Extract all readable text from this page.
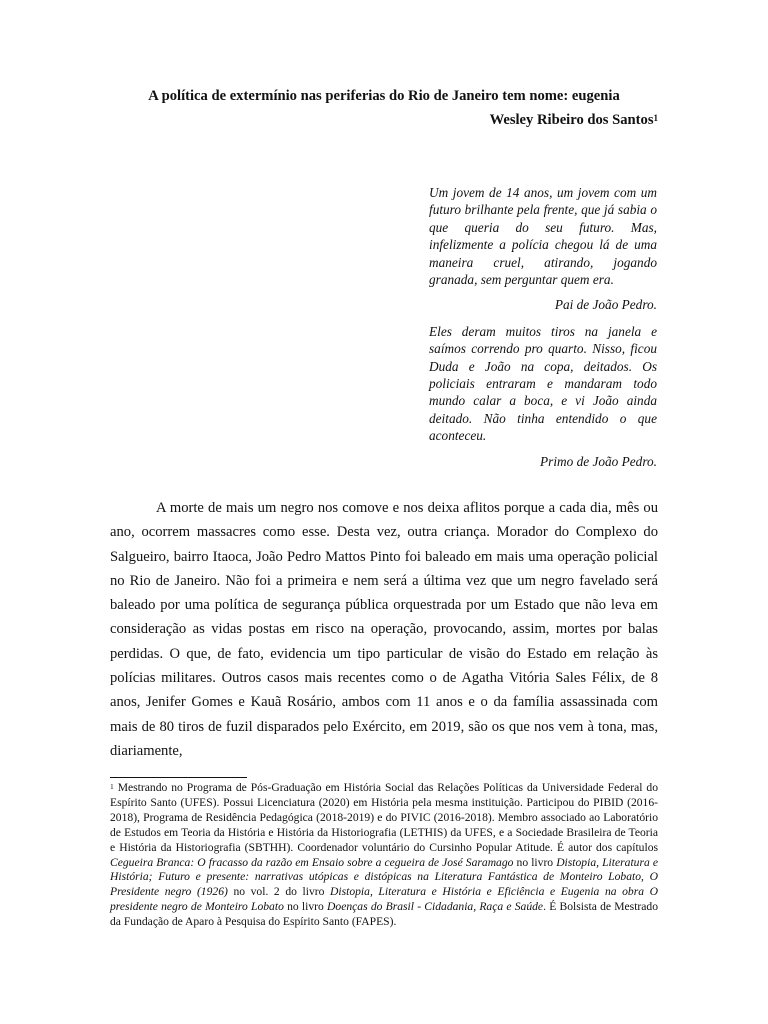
A política de extermínio nas periferias do Rio de Janeiro tem nome: eugenia
Wesley Ribeiro dos Santos$^1$

Um jovem de 14 anos, um jovem com um futuro brilhante pela frente, que já sabia o que queria do seu futuro. Mas, infelizmente a polícia chegou lá de uma maneira cruel, atirando, jogando granada, sem perguntar quem era.

Pai de João Pedro.

Eles deram muitos tiros na janela e saímos correndo pro quarto. Nisso, ficou Duda e João na copa, deitados. Os policiais entraram e mandaram todo mundo calar a boca, e vi João ainda deitado. Não tinha entendido o que aconteceu.

Primo de João Pedro.

A morte de mais um negro nos comove e nos deixa aflitos porque a cada dia, mês ou ano, ocorrem massacres como esse. Desta vez, outra criança. Morador do Complexo do Salgueiro, bairro Itaoca, João Pedro Mattos Pinto foi baleado em mais uma operação policial no Rio de Janeiro. Não foi a primeira e nem será a última vez que um negro favelado será baleado por uma política de segurança pública orquestrada por um Estado que não leva em consideração as vidas postas em risco na operação, provocando, assim, mortes por balas perdidas. O que, de fato, evidencia um tipo particular de visão do Estado em relação às polícias militares. Outros casos mais recentes como o de Agatha Vitória Sales Félix, de 8 anos, Jenifer Gomes e Kauã Rosário, ambos com 11 anos e o da família assassinada com mais de 80 tiros de fuzil disparados pelo Exército, em 2019, são os que nos vem à tona, mas, diariamente,

$^1$ Mestrando no Programa de Pós-Graduação em História Social das Relações Políticas da Universidade Federal do Espírito Santo (UFES). Possui Licenciatura (2020) em História pela mesma instituição. Participou do PIBID (2016-2018), Programa de Residência Pedagógica (2018-2019) e do PIVIC (2016-2018). Membro associado ao Laboratório de Estudos em Teoria da História e História da Historiografia (LETHIS) da UFES, e a Sociedade Brasileira de Teoria e História da Historiografia (SBTHH). Coordenador voluntário do Cursinho Popular Atitude. É autor dos capítulos Cegueira Branca: O fracasso da razão em Ensaio sobre a cegueira de José Saramago no livro Distopia, Literatura e História; Futuro e presente: narrativas utópicas e distópicas na Literatura Fantástica de Monteiro Lobato, O Presidente negro (1926) no vol. 2 do livro Distopia, Literatura e História e Eficiência e Eugenia na obra O presidente negro de Monteiro Lobato no livro Doenças do Brasil - Cidadania, Raça e Saúde. É Bolsista de Mestrado da Fundação de Aparo à Pesquisa do Espírito Santo (FAPES).
